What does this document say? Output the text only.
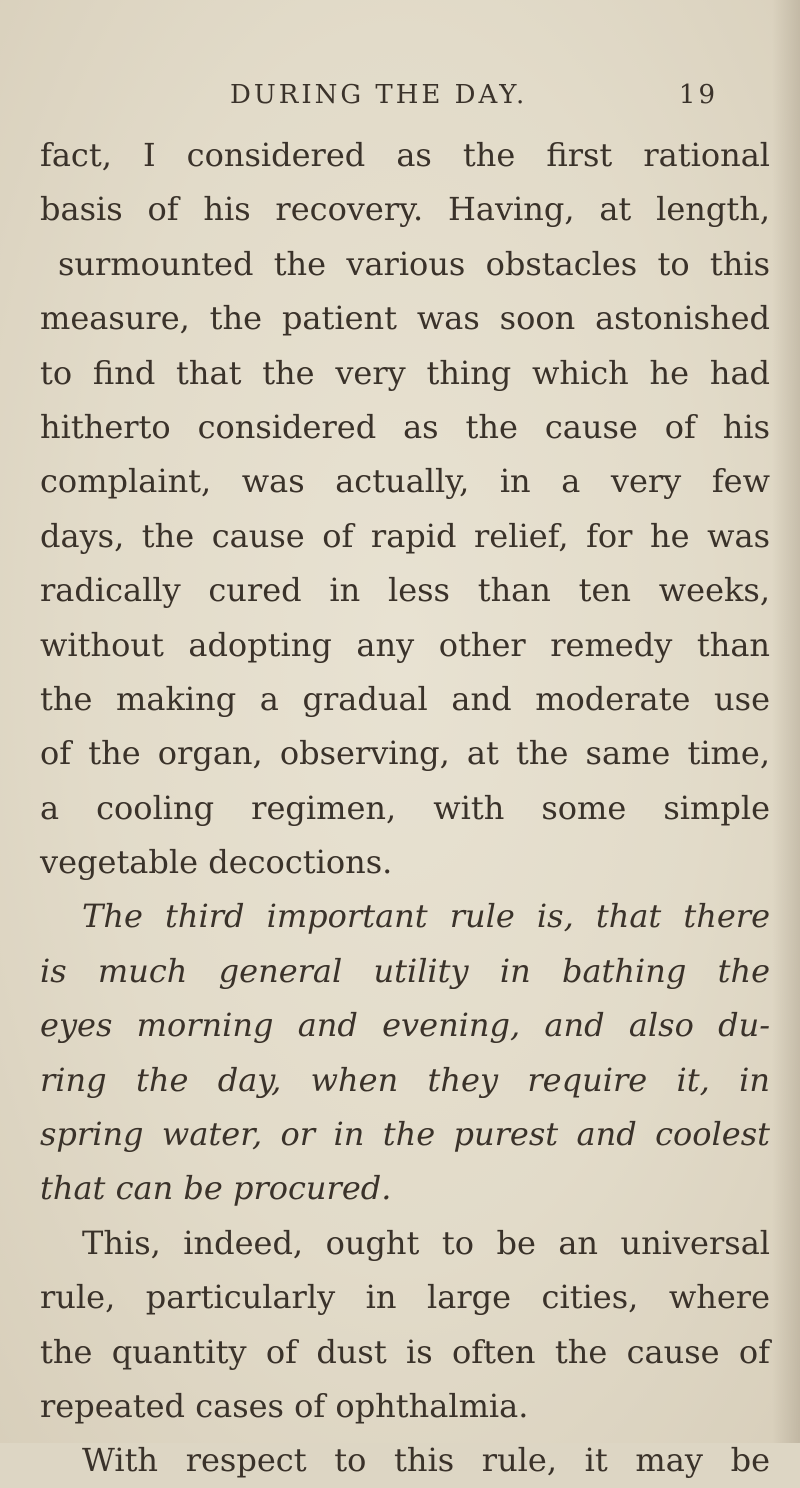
DURING THE DAY.	19
fact, I considered as the first rational
basis of his recovery. Having, at length,
surmounted the various obstacles to this
measure, the patient was soon astonished
to find that the very thing which he had
hitherto considered as the cause of his
complaint, was actually, in a very few
days, the cause of rapid relief, for he was
radically cured in less than ten weeks,
without adopting any other remedy than
the making a gradual and moderate use
of the organ, observing, at the same time,
a cooling regimen, with some simple
vegetable decoctions.
The third important rule is, that there
is much general utility in bathing the
eyes morning and evening, and also du-
ring the day, when they require it, in
spring water, or in the purest and coolest
that can be procured.
This, indeed, ought to be an universal
rule, particularly in large cities, where
the quantity of dust is often the cause of
repeated cases of ophthalmia.
With respect to this rule, it may be
